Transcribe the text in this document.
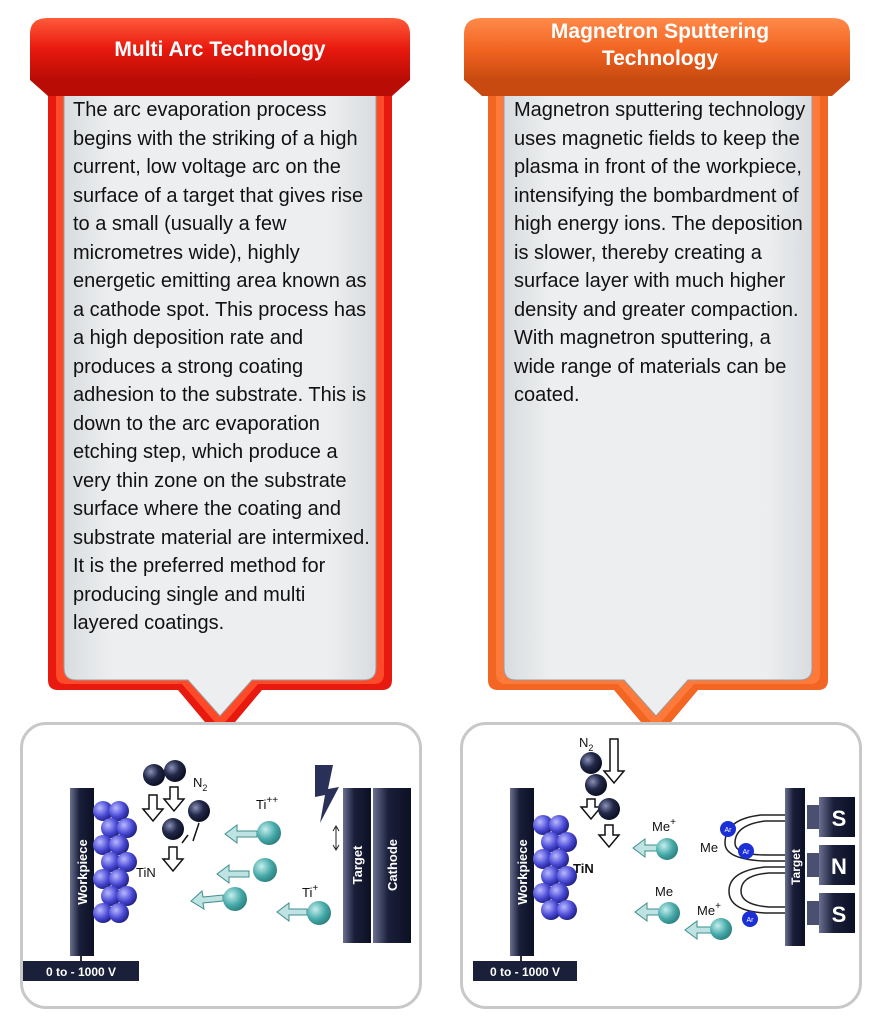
Multi Arc Technology
The arc evaporation process begins with the striking of a high current, low voltage arc on the surface of a target that gives rise to a small (usually a few micrometres wide), highly energetic emitting area known as a cathode spot. This process has a high deposition rate and produces a strong coating adhesion to the substrate. This is down to the arc evaporation etching step, which produce a very thin zone on the substrate surface where the coating and substrate material are intermixed. It is the preferred method for producing single and multi layered coatings.
Magnetron Sputtering Technology
Magnetron sputtering technology uses magnetic fields to keep the plasma in front of the workpiece, intensifying the bombardment of high energy ions. The deposition is slower, thereby creating a surface layer with much higher density and greater compaction. With magnetron sputtering, a wide range of materials can be coated.
Workpiece
0 to - 1000 V
TiN
$N_2$
Ti++
Ti+
Target Cathode	Workpiece
0 to - 1000 V
TiN
$N_2$
Me+
Me
Me+
Me
Ar
Ar
Ar
Target
S
N
S
